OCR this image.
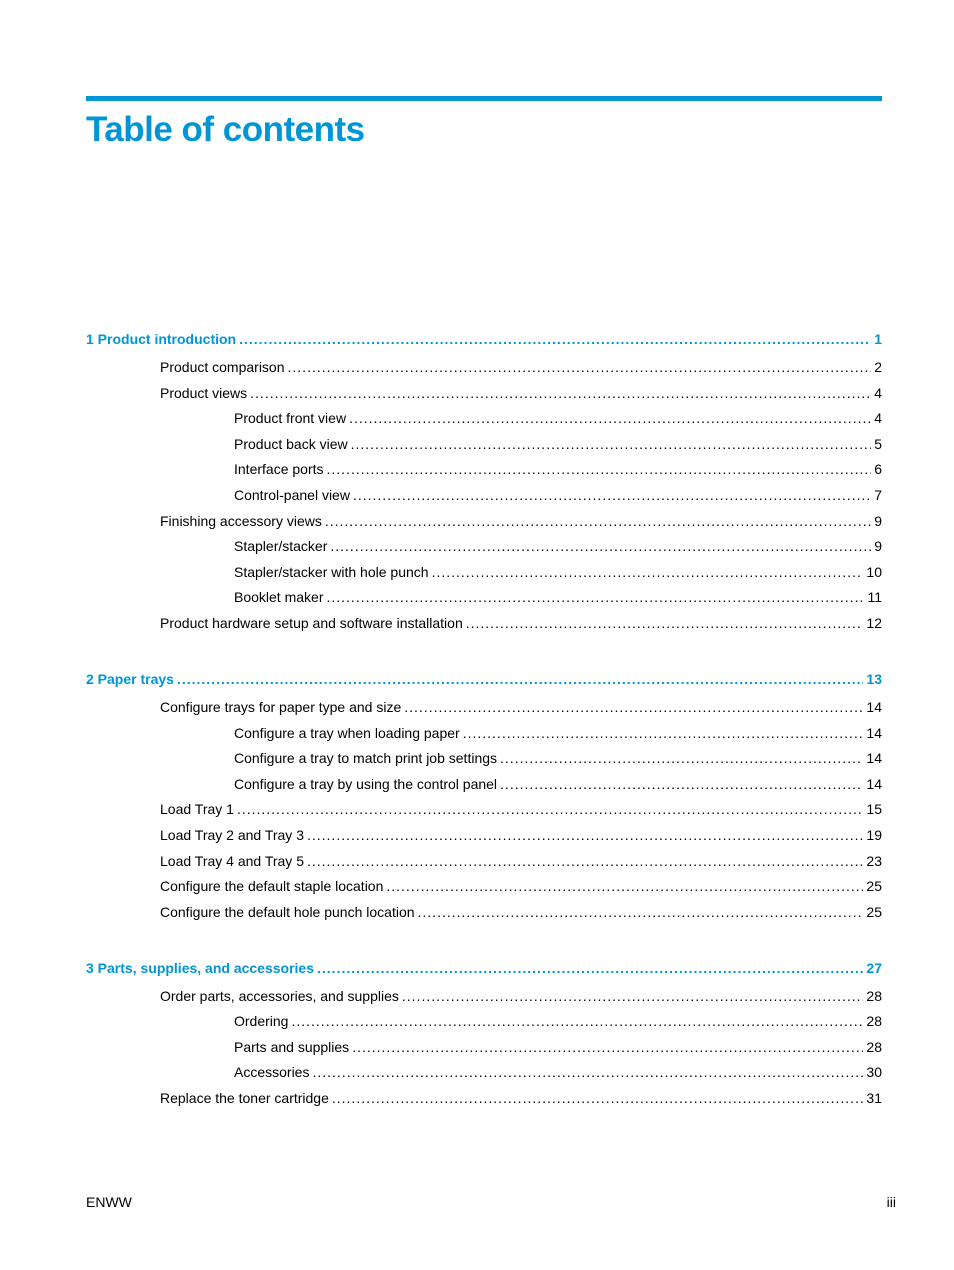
Table of contents
1 Product introduction .....	1
Product comparison .....	2
Product views .....	4
Product front view .....	4
Product back view .....	5
Interface ports .....	6
Control-panel view .....	7
Finishing accessory views .....	9
Stapler/stacker .....	9
Stapler/stacker with hole punch .....	10
Booklet maker .....	11
Product hardware setup and software installation .....	12
2 Paper trays .....	13
Configure trays for paper type and size .....	14
Configure a tray when loading paper .....	14
Configure a tray to match print job settings .....	14
Configure a tray by using the control panel .....	14
Load Tray 1 .....	15
Load Tray 2 and Tray 3 .....	19
Load Tray 4 and Tray 5 .....	23
Configure the default staple location .....	25
Configure the default hole punch location .....	25
3 Parts, supplies, and accessories .....	27
Order parts, accessories, and supplies .....	28
Ordering .....	28
Parts and supplies .....	28
Accessories .....	30
Replace the toner cartridge .....	31
ENWW	iii
